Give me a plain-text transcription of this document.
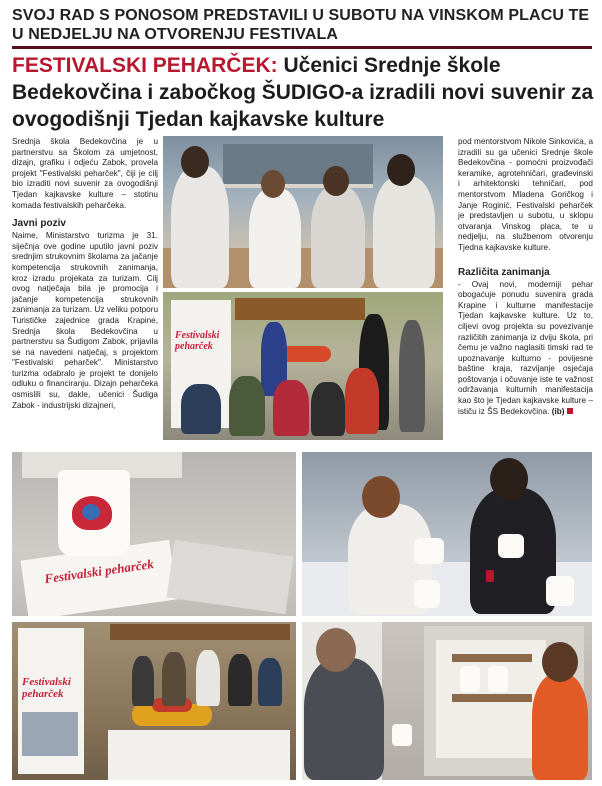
SVOJ RAD S PONOSOM PREDSTAVILI U SUBOTU NA VINSKOM PLACU TE U NEDJELJU NA OTVORENJU FESTIVALA
FESTIVALSKI PEHARČEK: Učenici Srednje škole Bedekovčina i zabočkog ŠUDIGO-a izradili novi suvenir za ovogodišnji Tjedan kajkavske kulture

Srednja škola Bedekovčina je u partnerstvu sa Školom za umjetnost, dizajn, grafiku i odjeću Zabok, provela projekt "Festivalski peharček", čiji je cilj bio izraditi novi suvenir za ovogodišnji Tjedan kajkavske kulture – stotinu komada festivalskih peharčeka.

Javni poziv

Naime, Ministarstvo turizma je 31. siječnja ove godine uputilo javni poziv srednjim strukovnim školama za jačanje kompetencija strukovnih zanimanja, kroz izradu projekata za turizam. Cilj ovog natječaja bila je promocija i jačanje kompetencija strukovnih zanimanja za turizam. Uz veliku potporu Turističke zajednice grada Krapine, Srednja škola Bedekovčina u partnerstvu sa Šudigom Zabok, prijavila se na navedeni natječaj, s projektom "Festivalski peharček". Ministarstvo turizma odabralo je projekt te donijelo odluku o financiranju. Dizajn peharčeka osmislili su, dakle, učenici Šudiga Zabok - industrijski dizajneri,

pod mentorstvom Nikole Sinkovića, a izradili su ga učenici Srednje škole Bedekovčina - pomoćni proizvođači keramike, agrotehničari, građevinski i arhitektonski tehničari, pod mentorstvom Mladena Goričkog i Janje Roginić. Festivalski peharček je predstavljen u subotu, u sklopu otvaranja Vinskog placa, te u nedjelju, na službenom otvorenju Tjedna kajkavske kulture.

Različita zanimanja

- Ovaj novi, moderniji pehar obogaćuje ponudu suvenira grada Krapine i kulturne manifestacije Tjedan kajkavske kulture. Uz to, ciljevi ovog projekta su povezivanje različitih zanimanja iz dviju škola, pri čemu je važno naglasiti timski rad te upoznavanje kulturno - povijesne baštine kraja, razvijanje osjećaja poštovanja i očuvanje iste te važnost održavanja kulturnih manifestacija kao što je Tjedan kajkavske kulture – ističu iz ŠS Bedekovčina. (ib)

Festivalski peharček
Festivalski peharček
Festivalski peharček
